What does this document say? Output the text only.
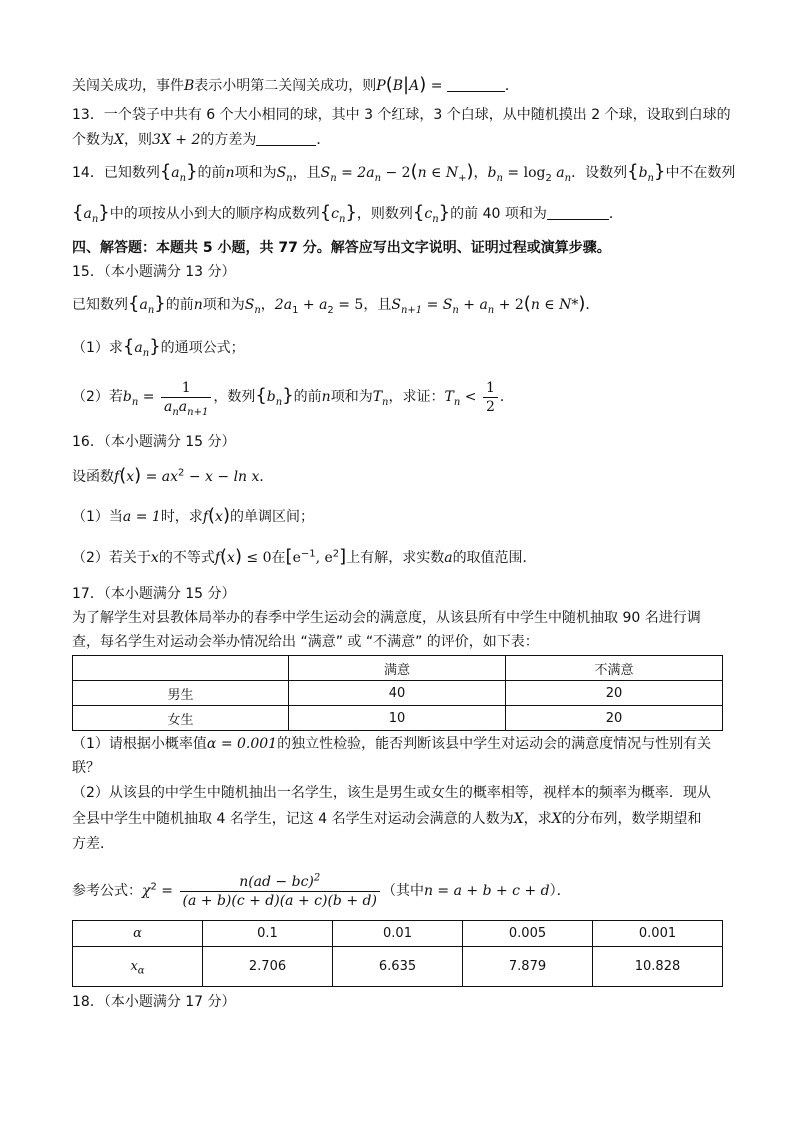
关闯关成功，事件B表示小明第二关闯关成功，则P(B|A) =	．
13．一个袋子中共有 6 个大小相同的球，其中 3 个红球，3 个白球，从中随机摸出 2 个球，设取到白球的
个数为X，则3X + 2的方差为	．
14．已知数列$\{a_n\}$的前n项和为$S_n$，且$S_n = 2a_n - 2(n$ ∈ $N_+$)，$b_n = \log_2 a_n$．设数列$\{b_n\}$中不在数列
$\{a_n\}$中的项按从小到大的顺序构成数列$\{c_n\}$，则数列$\{c_n\}$的前 40 项和为	．
四、解答题：本题共 5 小题，共 77 分。解答应写出文字说明、证明过程或演算步骤。
15．（本小题满分 13 分）
已知数列$\{a_n\}$的前n项和为$S_n$，$2a_1 + a_2 = 5$，且$S_{n+1} = S_n + a_n + 2(n$ ∈ N*)．
（1）求$\{a_n\}$的通项公式；
（2）若$b_n = \frac{1}{a_na_{n+1}}$ ，数列$\{b_n\}$的前n项和为$T_n$，求证：$T_n < \frac{1}{2}$ ．
16．（本小题满分 15 分）
设函数$f(x) = ax^2 - x - \ln x$．
（1）当a = 1时，求f(x)的单调区间；
（2）若关于x的不等式f(x) ≤ 0在[$e^{-1}$, $e^2$]上有解，求实数a的取值范围．
17．（本小题满分 15 分）
为了解学生对县教体局举办的春季中学生运动会的满意度，从该县所有中学生中随机抽取 90 名进行调
查，每名学生对运动会举办情况给出 “满意” 或 “不满意” 的评价，如下表：
	满意	不满意
男生	40	20
女生	10	20
（1）请根据小概率值α = 0.001的独立性检验，能否判断该县中学生对运动会的满意度情况与性别有关
联？
（2）从该县的中学生中随机抽出一名学生，该生是男生或女生的概率相等，视样本的频率为概率．现从
全县中学生中随机抽取 4 名学生，记这 4 名学生对运动会满意的人数为X，求X的分布列，数学期望和
方差．
参考公式：$\chi^2 = \frac{n(ad - bc)^2}{(a + b)(c + d)(a + c)(b + d)}$ （其中n = a + b + c + d）．
α	0.1	0.01	0.005	0.001
$x_\alpha$	2.706	6.635	7.879	10.828
18．（本小题满分 17 分）
